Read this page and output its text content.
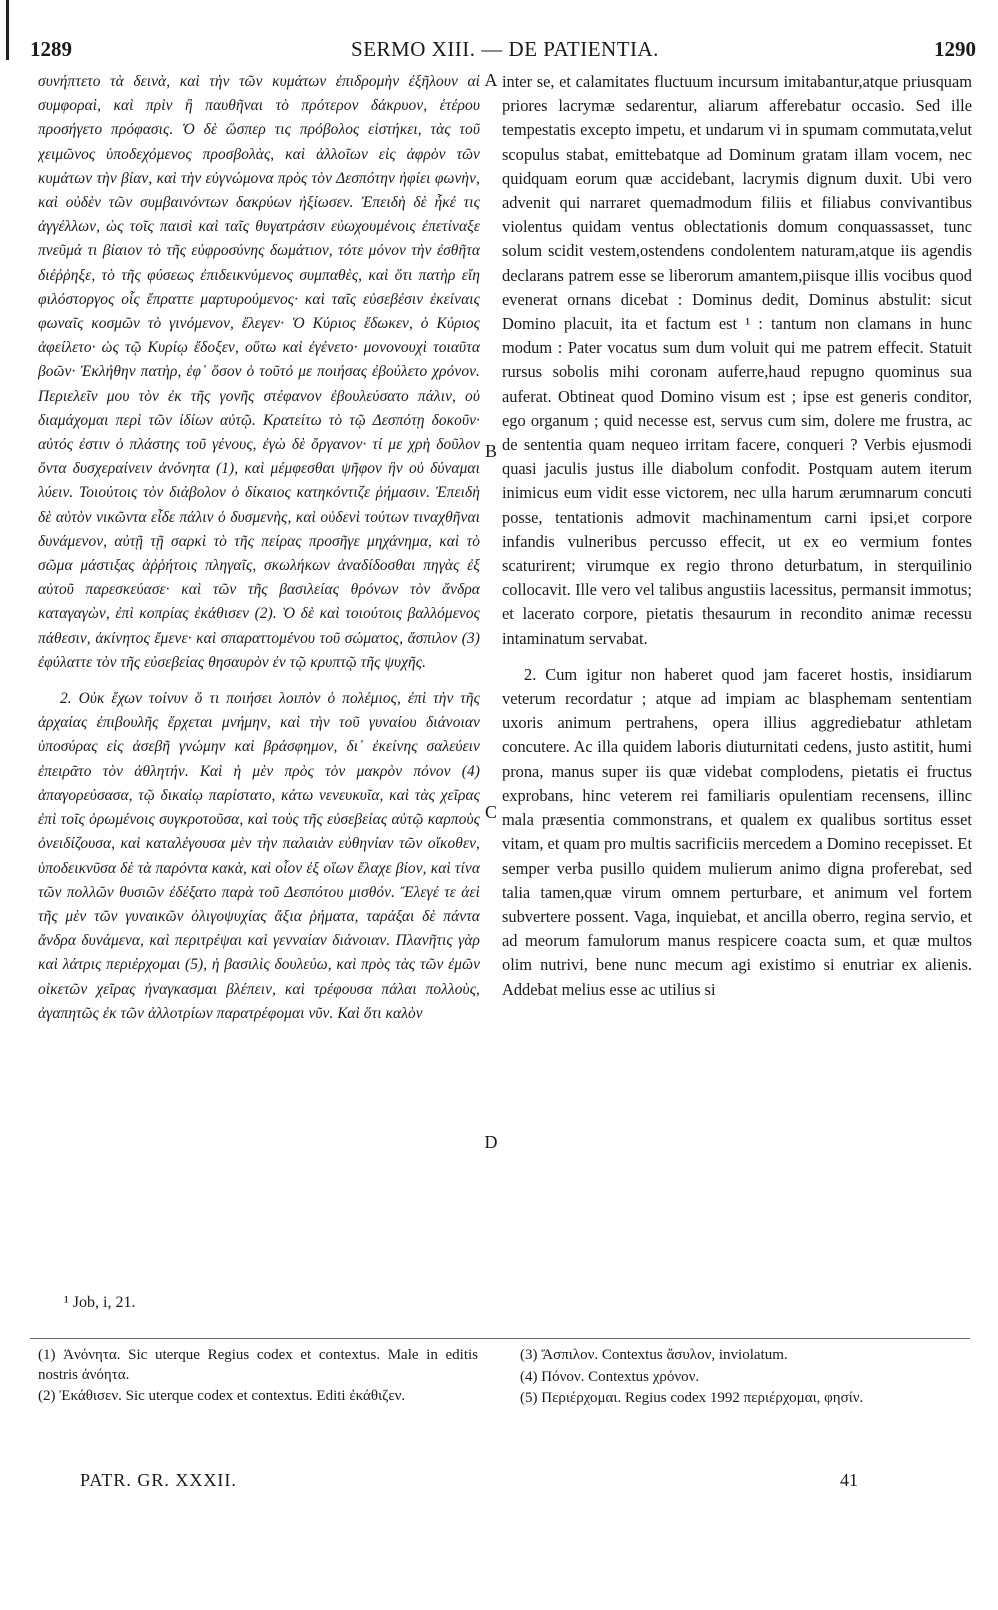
1289	SERMO XIII. — DE PATIENTIA.	1290

συνήπτετο τὰ δεινὰ, καὶ τὴν τῶν κυμάτων ἐπιδρομὴν ἐξῆλουν αἱ συμφοραὶ, καὶ πρὶν ἢ παυθῆναι τὸ πρότερον δάκρυον, ἑτέρου προσήγετο πρόφασις. Ὁ δὲ ὥσπερ τις πρόβολος εἱστήκει, τὰς τοῦ χειμῶνος ὑποδεχόμενος προσβολὰς, καὶ ἀλλοῖων εἰς ἀφρὸν τῶν κυμάτων τὴν βίαν, καὶ τὴν εὐγνώμονα πρὸς τὸν Δεσπότην ἠφίει φωνὴν, καὶ οὐδὲν τῶν συμβαινόντων δακρύων ἠξίωσεν. Ἐπειδὴ δὲ ἦκέ τις ἀγγέλλων, ὡς τοῖς παισὶ καὶ ταῖς θυγατράσιν εὐωχουμένοις ἐπετίναξε πνεῦμά τι βίαιον τὸ τῆς εὐφροσύνης δωμάτιον, τότε μόνον τὴν ἐσθῆτα διέῤῥηξε, τὸ τῆς φύσεως ἐπιδεικνύμενος συμπαθὲς, καὶ ὅτι πατὴρ εἴη φιλόστοργος οἷς ἔπραττε μαρτυρούμενος· καὶ ταῖς εὐσεβέσιν ἐκείναις φωναῖς κοσμῶν τὸ γινόμενον, ἔλεγεν· Ὁ Κύριος ἔδωκεν, ὁ Κύριος ἀφείλετο· ὡς τῷ Κυρίῳ ἔδοξεν, οὕτω καὶ ἐγένετο· μονονουχὶ τοιαῦτα βοῶν· Ἐκλήθην πατὴρ, ἐφ᾽ ὅσον ὁ τοῦτό με ποιήσας ἐβούλετο χρόνον. Περιελεῖν μου τὸν ἐκ τῆς γονῆς στέφανον ἐβουλεύσατο πάλιν, οὐ διαμάχομαι περὶ τῶν ἰδίων αὐτῷ. Κρατείτω τὸ τῷ Δεσπότῃ δοκοῦν· αὐτός ἐστιν ὁ πλάστης τοῦ γένους, ἐγὼ δὲ ὄργανον· τί με χρὴ δοῦλον ὄντα δυσχεραίνειν ἀνόνητα (1), καὶ μέμφεσθαι ψῆφον ἣν οὐ δύναμαι λύειν. Τοιούτοις τὸν διάβολον ὁ δίκαιος κατηκόντιζε ῥήμασιν. Ἐπειδὴ δὲ αὐτὸν νικῶντα εἶδε πάλιν ὁ δυσμενὴς, καὶ οὐδενὶ τούτων τιναχθῆναι δυνάμενον, αὐτῇ τῇ σαρκὶ τὸ τῆς πείρας προσῆγε μηχάνημα, καὶ τὸ σῶμα μάστιξας ἀῤῥήτοις πληγαῖς, σκωλήκων ἀναδίδοσθαι πηγὰς ἐξ αὐτοῦ παρεσκεύασε· καὶ τῶν τῆς βασιλείας θρόνων τὸν ἄνδρα καταγαγὼν, ἐπὶ κοπρίας ἐκάθισεν (2). Ὁ δὲ καὶ τοιούτοις βαλλόμενος πάθεσιν, ἀκίνητος ἔμενε· καὶ σπαραττομένου τοῦ σώματος, ἄσπιλον (3) ἐφύλαττε τὸν τῆς εὐσεβείας θησαυρὸν ἐν τῷ κρυπτῷ τῆς ψυχῆς.

2. Οὐκ ἔχων τοίνυν ὅ τι ποιήσει λοιπὸν ὁ πολέμιος, ἐπὶ τὴν τῆς ἀρχαίας ἐπιβουλῆς ἔρχεται μνήμην, καὶ τὴν τοῦ γυναίου διάνοιαν ὑποσύρας εἰς ἀσεβῆ γνώμην καὶ βράσφημον, δι᾽ ἐκείνης σαλεύειν ἐπειρᾶτο τὸν ἀθλητήν. Καὶ ἡ μὲν πρὸς τὸν μακρὸν πόνον (4) ἀπαγορεύσασα, τῷ δικαίῳ παρίστατο, κάτω νενευκυῖα, καὶ τὰς χεῖρας ἐπὶ τοῖς ὁρωμένοις συγκροτοῦσα, καὶ τοὺς τῆς εὐσεβείας αὐτῷ καρποὺς ὀνειδίζουσα, καὶ καταλέγουσα μὲν τὴν παλαιὰν εὐθηνίαν τῶν οἴκοθεν, ὑποδεικνῦσα δὲ τὰ παρόντα κακὰ, καὶ οἷον ἐξ οἵων ἔλαχε βίον, καὶ τίνα τῶν πολλῶν θυσιῶν ἐδέξατο παρὰ τοῦ Δεσπότου μισθόν. Ἔλεγέ τε ἀεὶ τῆς μὲν τῶν γυναικῶν ὀλιγοψυχίας ἄξια ῥήματα, ταράξαι δὲ πάντα ἄνδρα δυνάμενα, καὶ περιτρέψαι καὶ γενναίαν διάνοιαν. Πλανῆτις γὰρ καὶ λάτρις περιέρχομαι (5), ἡ βασιλὶς δουλεύω, καὶ πρὸς τὰς τῶν ἐμῶν οἰκετῶν χεῖρας ἠναγκασμαι βλέπειν, καὶ τρέφουσα πάλαι πολλοὺς, ἀγαπητῶς ἐκ τῶν ἀλλοτρίων παρατρέφομαι νῦν. Καὶ ὅτι καλὸν

A
B
C
D

inter se, et calamitates fluctuum incursum imitabantur,atque priusquam priores lacrymæ sedarentur, aliarum afferebatur occasio. Sed ille tempestatis excepto impetu, et undarum vi in spumam commutata,velut scopulus stabat, emittebatque ad Dominum gratam illam vocem, nec quidquam eorum quæ accidebant, lacrymis dignum duxit. Ubi vero advenit qui narraret quemadmodum filiis et filiabus convivantibus violentus quidam ventus oblectationis domum conquassasset, tunc solum scidit vestem,ostendens condolentem naturam,atque iis agendis declarans patrem esse se liberorum amantem,piisque illis vocibus quod evenerat ornans dicebat : Dominus dedit, Dominus abstulit: sicut Domino placuit, ita et factum est ¹ : tantum non clamans in hunc modum : Pater vocatus sum dum voluit qui me patrem effecit. Statuit rursus sobolis mihi coronam auferre,haud repugno quominus sua auferat. Obtineat quod Domino visum est ; ipse est generis conditor, ego organum ; quid necesse est, servus cum sim, dolere me frustra, ac de sententia quam nequeo irritam facere, conqueri ? Verbis ejusmodi quasi jaculis justus ille diabolum confodit. Postquam autem iterum inimicus eum vidit esse victorem, nec ulla harum ærumnarum concuti posse, tentationis admovit machinamentum carni ipsi,et corpore infandis vulneribus percusso effecit, ut ex eo vermium fontes scaturirent; virumque ex regio throno deturbatum, in sterquilinio collocavit. Ille vero vel talibus angustiis lacessitus, permansit immotus; et lacerato corpore, pietatis thesaurum in recondito animæ recessu intaminatum servabat.

2. Cum igitur non haberet quod jam faceret hostis, insidiarum veterum recordatur ; atque ad impiam ac blasphemam sententiam uxoris animum pertrahens, opera illius aggrediebatur athletam concutere. Ac illa quidem laboris diuturnitati cedens, justo astitit, humi prona, manus super iis quæ videbat complodens, pietatis ei fructus exprobans, hinc veterem rei familiaris opulentiam recensens, illinc mala præsentia commonstrans, et qualem ex qualibus sortitus esset vitam, et quam pro multis sacrificiis mercedem a Domino recepisset. Et semper verba pusillo quidem mulierum animo digna proferebat, sed talia tamen,quæ virum omnem perturbare, et animum vel fortem subvertere possent. Vaga, inquiebat, et ancilla oberro, regina servio, et ad meorum famulorum manus respicere coacta sum, et quæ multos olim nutrivi, bene nunc mecum agi existimo si enutriar ex alienis. Addebat melius esse ac utilius si

¹ Job, i, 21.

(1) Ἀνόνητα. Sic uterque Regius codex et contextus. Male in editis nostris ἀνόητα.

(2) Ἐκάθισεν. Sic uterque codex et contextus. Editi ἐκάθιζεν.

(3) Ἄσπιλον. Contextus ἄσυλον, inviolatum.

(4) Πόνον. Contextus χρόνον.

(5) Περιέρχομαι. Regius codex 1992 περιέρχομαι, φησίν.

PATR. GR. XXXII.	41
